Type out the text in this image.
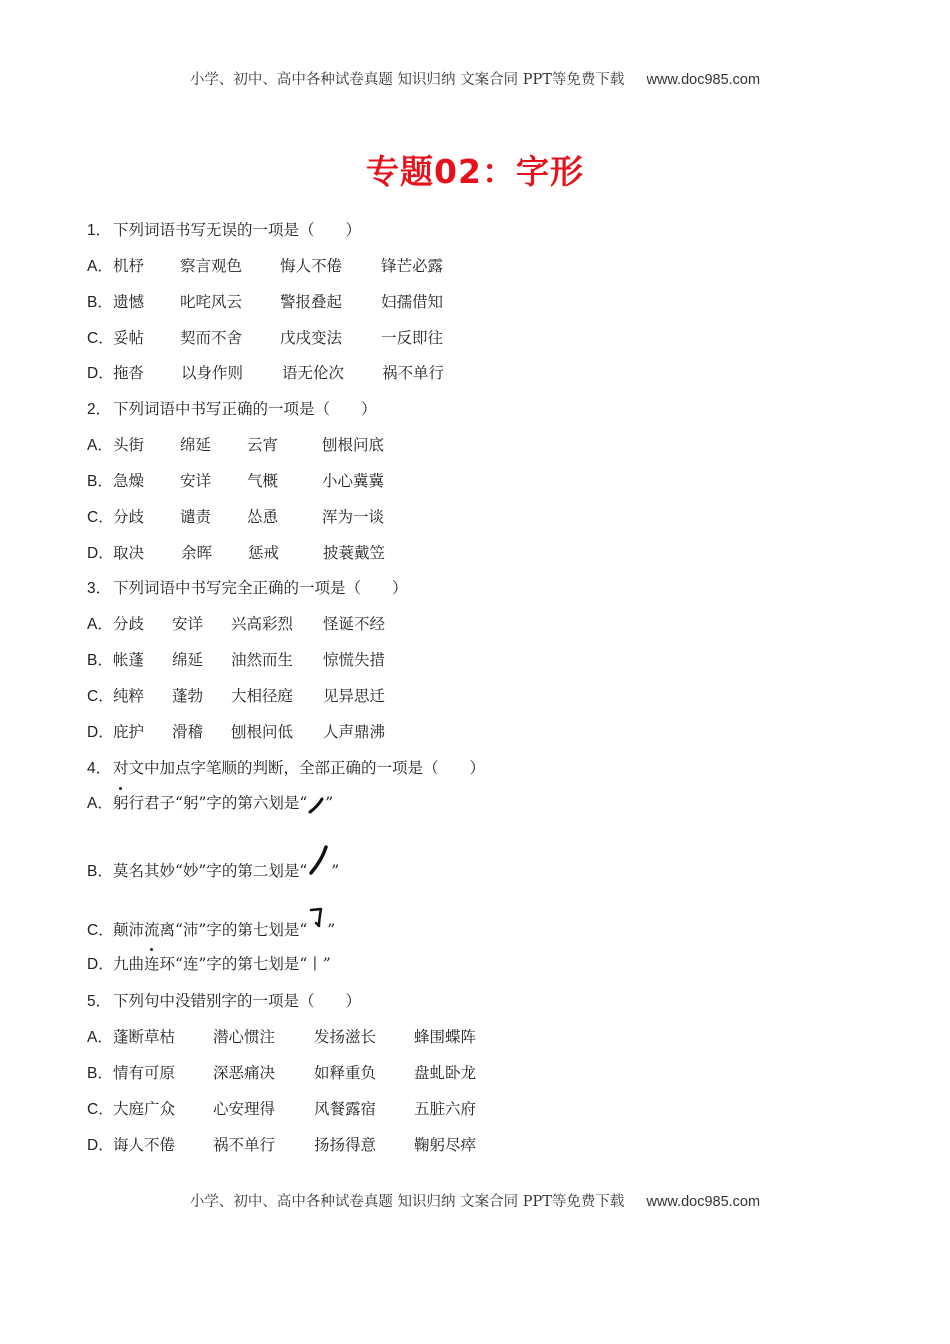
小学、初中、高中各种试卷真题 知识归纳 文案合同 PPT等免费下载 www.doc985.com
专题02：字形
1． 下列词语书写无误的一项是（　　）
A． 机杼 察言观色 悔人不倦	锋芒必露
B． 遗憾 叱咤风云 警报叠起	妇孺借知
C． 妥帖 契而不舍 戊戌变法	一反即往
D． 拖沓 以身作则	语无伦次 祸不单行
2． 下列词语中书写正确的一项是（　　）
A． 头街 绵延 云宵	刨根问底
B． 急燥 安详 气概	小心冀冀
C． 分歧 谴责 怂恿	浑为一谈
D． 取决 余晖 惩戒	披蓑戴笠
3． 下列词语中书写完全正确的一项是（　　）
A． 分歧 安详 兴高彩烈 怪诞不经
B． 帐蓬 绵延 油然而生 惊慌失措
C． 纯粹 蓬勃 大相径庭 见异思迁
D． 庇护 滑稽 刨根问低 人声鼎沸
4． 对文中加点字笔顺的判断，全部正确的一项是（　　）
A．躬行君子“躬”字的第六划是“ ”
B．莫名其妙“妙”字的第二划是“ ”
C．颠沛流离“沛”字的第七划是“ ”
D．九曲连环“连”字的第七划是“丨”
5． 下列句中没错别字的一项是（　　）
A． 蓬断草枯 潜心惯注	发扬滋长 蜂围蝶阵
B． 情有可原 深恶痛决	如释重负 盘虬卧龙
C． 大庭广众 心安理得	风餐露宿 五脏六府
D． 诲人不倦 祸不单行	扬扬得意 鞠躬尽瘁
小学、初中、高中各种试卷真题 知识归纳 文案合同 PPT等免费下载 www.doc985.com
